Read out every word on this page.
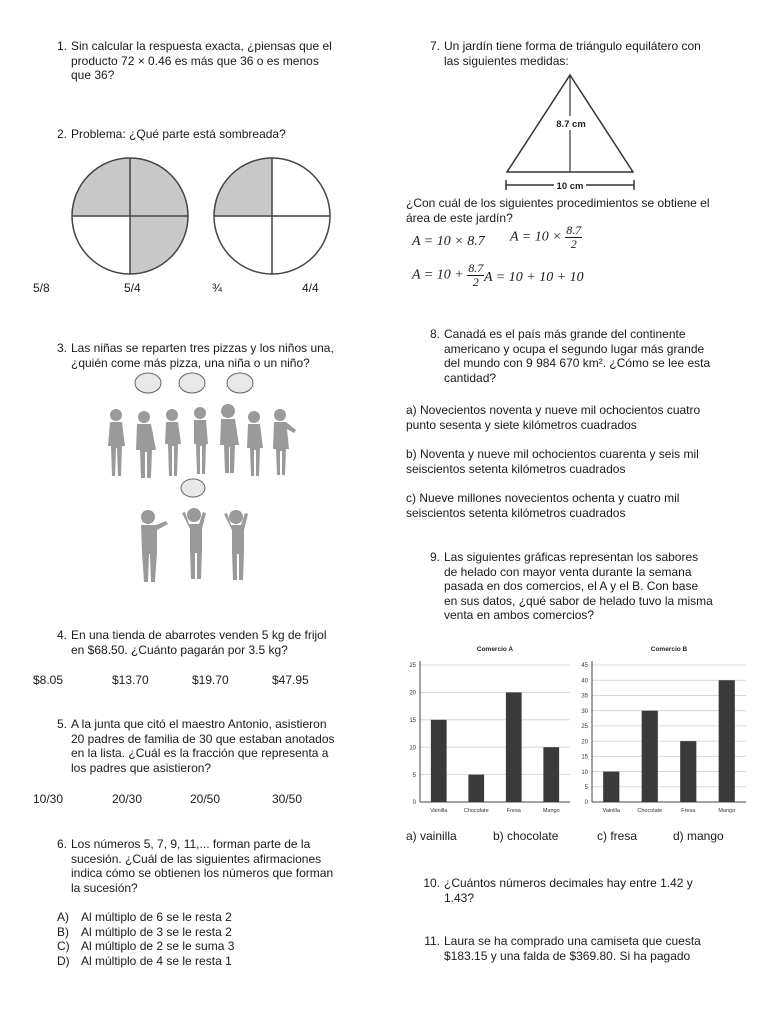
1. Sin calcular la respuesta exacta, ¿piensas que el
producto 72 × 0.46 es más que 36 o es menos
que 36?
2. Problema: ¿Qué parte está sombreada?
5/8	5/4	¾	4/4
3. Las niñas se reparten tres pizzas y los niños una,
¿quién come más pizza, una niña o un niño?
4. En una tienda de abarrotes venden 5 kg de frijol
en $68.50. ¿Cuánto pagarán por 3.5 kg?
$8.05	$13.70	$19.70	$47.95
5. A la junta que citó el maestro Antonio, asistieron
20 padres de familia de 30 que estaban anotados
en la lista. ¿Cuál es la fracción que representa a
los padres que asistieron?
10/30	20/30	20/50	30/50
6. Los números 5, 7, 9, 11,... forman parte de la
sucesión. ¿Cuál de las siguientes afirmaciones
indica cómo se obtienen los números que forman
la sucesión?
A) Al múltiplo de 6 se le resta 2
B) Al múltiplo de 3 se le resta 2
C) Al múltiplo de 2 se le suma 3
D) Al múltiplo de 4 se le resta 1
7. Un jardín tiene forma de triángulo equilátero con
las siguientes medidas:
8.7 cm
10 cm
¿Con cuál de los siguientes procedimientos se obtiene el
área de este jardín?
A = 10 × 8.7 $A = 10 \times \frac{8.7}{2}$
$A = 10 + \frac{8.7}{2}$ A = 10 + 10 + 10
8. Canadá es el país más grande del continente
americano y ocupa el segundo lugar más grande
del mundo con 9 984 670 km². ¿Cómo se lee esta
cantidad?
a) Novecientos noventa y nueve mil ochocientos cuatro
punto sesenta y siete kilómetros cuadrados
b) Noventa y nueve mil ochocientos cuarenta y seis mil
seiscientos setenta kilómetros cuadrados
c) Nueve millones novecientos ochenta y cuatro mil
seiscientos setenta kilómetros cuadrados
9. Las siguientes gráficas representan los sabores
de helado con mayor venta durante la semana
pasada en dos comercios, el A y el B. Con base
en sus datos, ¿qué sabor de helado tuvo la misma
venta en ambos comercios?
Comercio A
0
5
10
15
20
25
Vainilla	Chocolate	Fresa	Mango
Comercio B
0
5
10
15
20
25
30
35
40
45
Vainilla	Chocolate	Fresa	Mango
a) vainilla	b) chocolate	c) fresa	d) mango
10. ¿Cuántos números decimales hay entre 1.42 y
1.43?
11. Laura se ha comprado una camiseta que cuesta
$183.15 y una falda de $369.80. Si ha pagado
